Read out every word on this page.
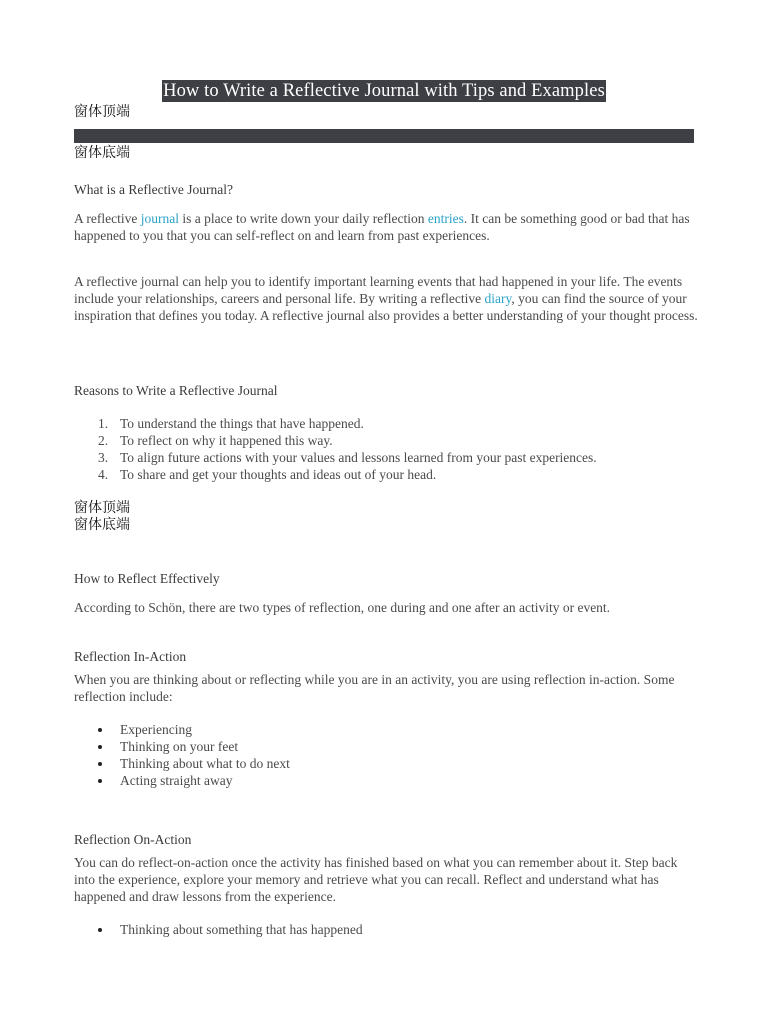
How to Write a Reflective Journal with Tips and Examples
窗体顶端
窗体底端
What is a Reflective Journal?

A reflective journal is a place to write down your daily reflection entries. It can be something good or bad that has happened to you that you can self-reflect on and learn from past experiences.

A reflective journal can help you to identify important learning events that had happened in your life. The events include your relationships, careers and personal life. By writing a reflective diary, you can find the source of your inspiration that defines you today. A reflective journal also provides a better understanding of your thought process.

Reasons to Write a Reflective Journal
1. To understand the things that have happened.
2. To reflect on why it happened this way.
3. To align future actions with your values and lessons learned from your past experiences.
4. To share and get your thoughts and ideas out of your head.
窗体顶端
窗体底端
How to Reflect Effectively

According to Schön, there are two types of reflection, one during and one after an activity or event.

Reflection In-Action

When you are thinking about or reflecting while you are in an activity, you are using reflection in-action. Some reflection include:

Experiencing
Thinking on your feet
Thinking about what to do next
Acting straight away
Reflection On-Action

You can do reflect-on-action once the activity has finished based on what you can remember about it. Step back into the experience, explore your memory and retrieve what you can recall. Reflect and understand what has happened and draw lessons from the experience.

Thinking about something that has happened
